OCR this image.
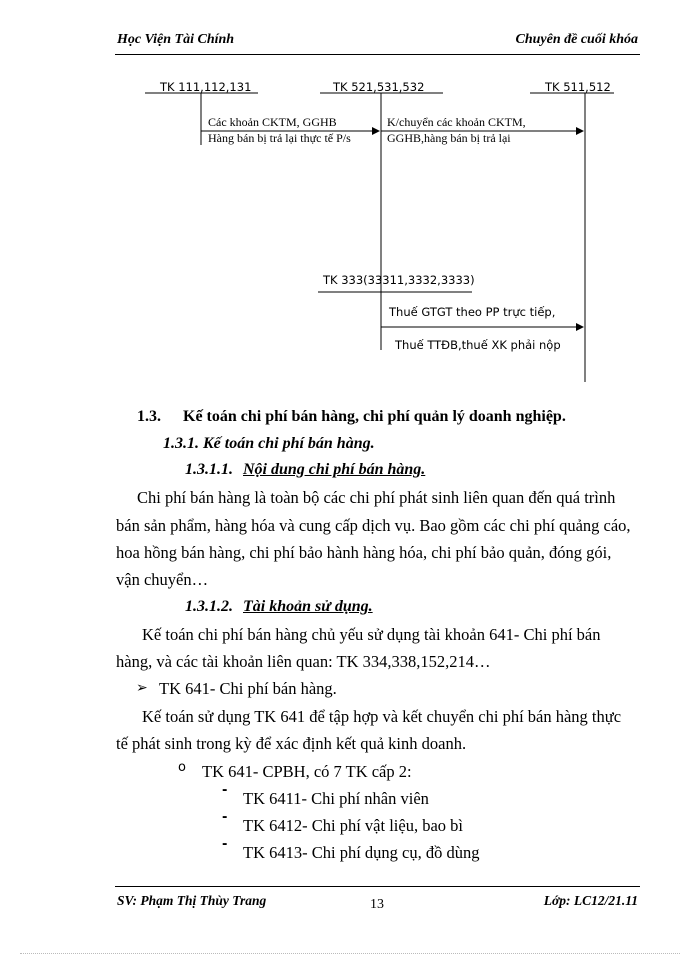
Học Viện Tài Chính	Chuyên đề cuối khóa
TK 111,112,131	TK 521,531,532	TK 511,512
Các khoản CKTM, GGHB
Hàng bán bị trả lại thực tế P/s
K/chuyển các khoản CKTM,
GGHB,hàng bán bị trả lại
TK 333(33311,3332,3333)
Thuế GTGT theo PP trực tiếp,
Thuế TTĐB,thuế XK phải nộp
1.3. Kế toán chi phí bán hàng, chi phí quản lý doanh nghiệp.
1.3.1. Kế toán chi phí bán hàng.
1.3.1.1. Nội dung chi phí bán hàng.
Chi phí bán hàng là toàn bộ các chi phí phát sinh liên quan đến quá trình
bán sản phẩm, hàng hóa và cung cấp dịch vụ. Bao gồm các chi phí quảng cáo,
hoa hồng bán hàng, chi phí bảo hành hàng hóa, chi phí bảo quản, đóng gói,
vận chuyển…
1.3.1.2. Tài khoản sử dụng.
Kế toán chi phí bán hàng chủ yếu sử dụng tài khoản 641- Chi phí bán
hàng, và các tài khoản liên quan: TK 334,338,152,214…
➢ TK 641- Chi phí bán hàng.
Kế toán sử dụng TK 641 để tập hợp và kết chuyển chi phí bán hàng thực
tế phát sinh trong kỳ để xác định kết quả kinh doanh.
o TK 641- CPBH, có 7 TK cấp 2:
- TK 6411- Chi phí nhân viên
- TK 6412- Chi phí vật liệu, bao bì
- TK 6413- Chi phí dụng cụ, đồ dùng
SV: Phạm Thị Thùy Trang	13	Lớp: LC12/21.11
